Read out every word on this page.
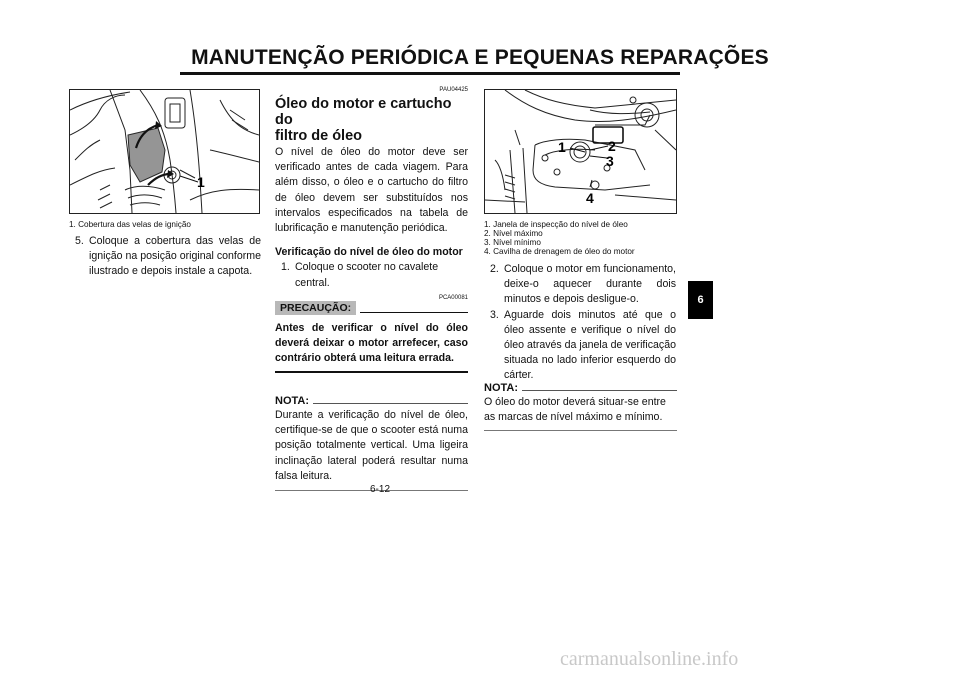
MANUTENÇÃO PERIÓDICA E PEQUENAS REPARAÇÕES
1
1. Cobertura das velas de ignição
5. Coloque a cobertura das velas de ignição na posição original conforme ilustrado e depois instale a capota.
PAU04425
Óleo do motor e cartucho do
filtro de óleo
O nível de óleo do motor deve ser verificado antes de cada viagem. Para além disso, o óleo e o cartucho do filtro de óleo devem ser substituídos nos intervalos especificados na tabela de lubrificação e manutenção periódica.
Verificação do nível de óleo do motor
1. Coloque o scooter no cavalete central.
PCA00081
PRECAUÇÃO:
Antes de verificar o nível do óleo deverá deixar o motor arrefecer, caso contrário obterá uma leitura errada.
NOTA:
Durante a verificação do nível de óleo, certifique-se de que o scooter está numa posição totalmente vertical. Uma ligeira inclinação lateral poderá resultar numa falsa leitura.
1	2
3
4
1. Janela de inspecção do nível de óleo
2. Nível máximo
3. Nível mínimo
4. Cavilha de drenagem de óleo do motor
2. Coloque o motor em funcionamento, deixe-o aquecer durante dois minutos e depois desligue-o.
3. Aguarde dois minutos até que o óleo assente e verifique o nível do óleo através da janela de verificação situada no lado inferior esquerdo do cárter.
NOTA:
O óleo do motor deverá situar-se entre as marcas de nível máximo e mínimo.
6
6-12
carmanualsonline.info
